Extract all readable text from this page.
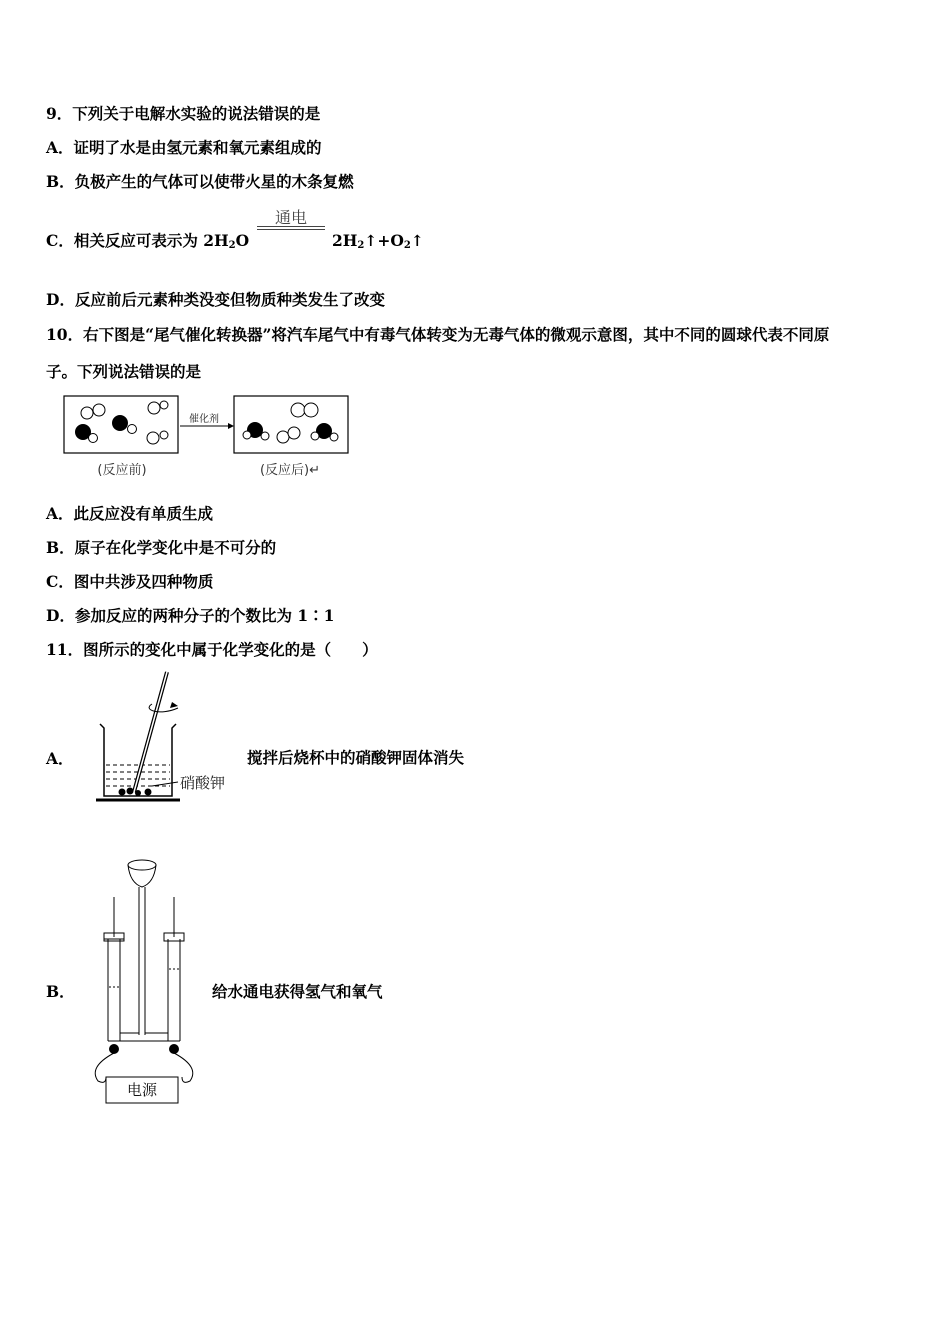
9．下列关于电解水实验的说法错误的是
A．证明了水是由氢元素和氧元素组成的
B．负极产生的气体可以使带火星的木条复燃
C．相关反应可表示为 $2H_2O$	$2H_2↑+O_2↑$
通电
D．反应前后元素种类没变但物质种类发生了改变
10．右下图是“尾气催化转换器”将汽车尾气中有毒气体转变为无毒气体的微观示意图，其中不同的圆球代表不同原
子。下列说法错误的是
催化剂
(反应前)	(反应后)↵
A．此反应没有单质生成
B．原子在化学变化中是不可分的
C．图中共涉及四种物质
D．参加反应的两种分子的个数比为 1∶1
11．图所示的变化中属于化学变化的是（　　）
A．
硝酸钾
搅拌后烧杯中的硝酸钾固体消失
B．
电源
给水通电获得氢气和氧气
